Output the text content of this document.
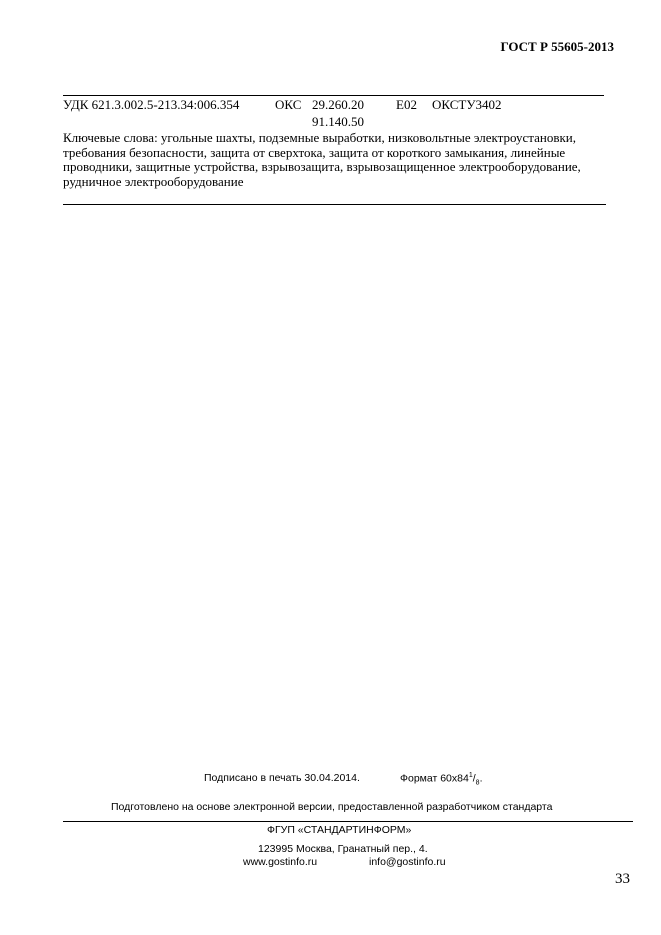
ГОСТ Р 55605-2013
УДК 621.3.002.5-213.34:006.354	ОКС 29.260.20 Е02 ОКСТУ3402
91.140.50
Ключевые слова: угольные шахты, подземные выработки, низковольтные электроустановки, требования безопасности, защита от сверхтока, защита от короткого замыкания, линейные проводники, защитные устройства, взрывозащита, взрывозащищенное электрооборудование, рудничное электрооборудование
Подписано в печать 30.04.2014.	Формат $60x84^1/_8$.
Подготовлено на основе электронной версии, предоставленной разработчиком стандарта
ФГУП «СТАНДАРТИНФОРМ»
123995 Москва, Гранатный пер., 4.
www.gostinfo.ru	info@gostinfo.ru
33
